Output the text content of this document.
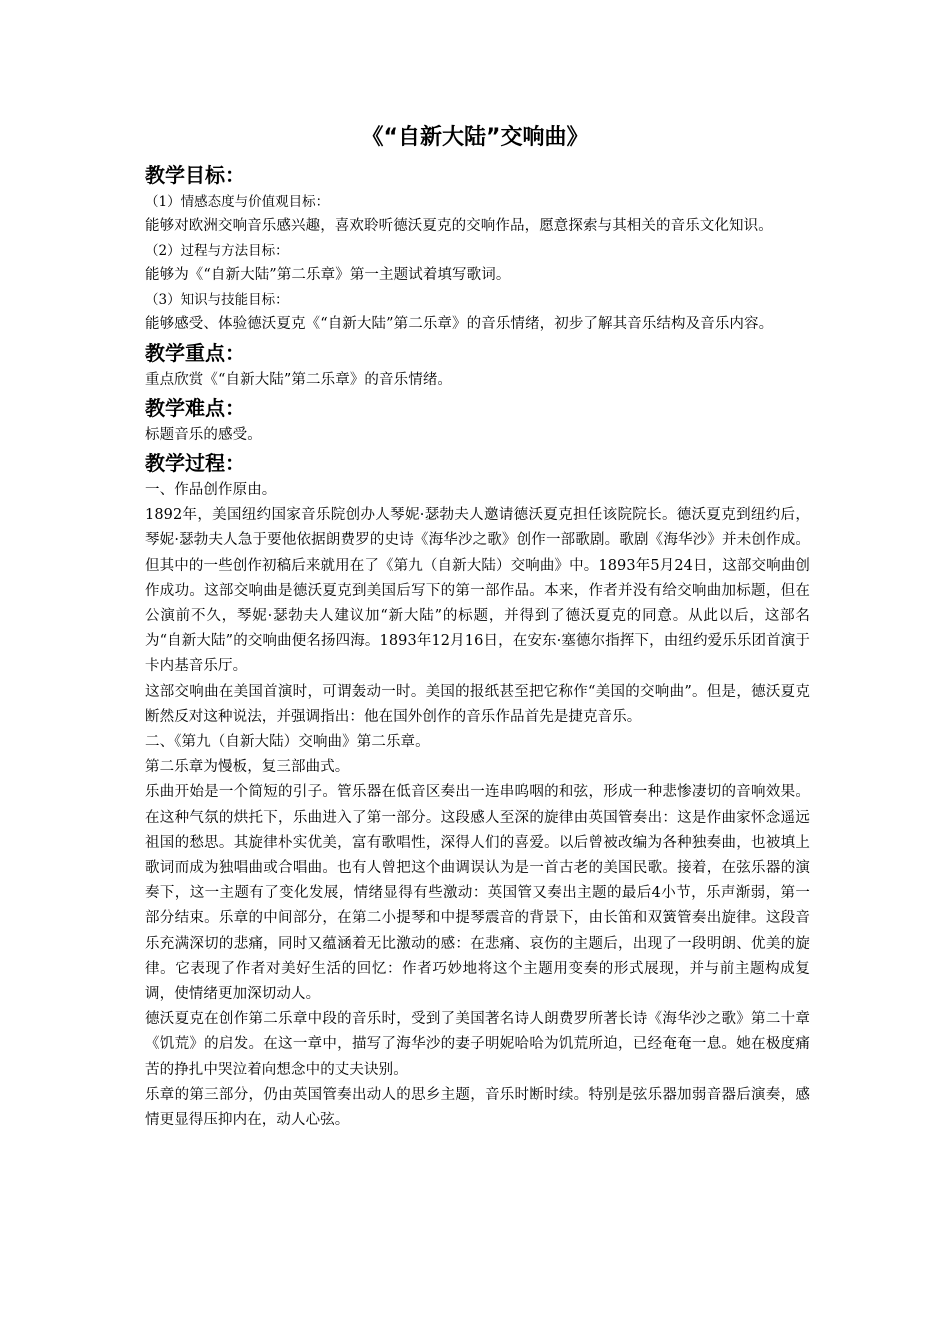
《“自新大陆”交响曲》
教学目标：

（1）情感态度与价值观目标：

能够对欧洲交响音乐感兴趣，喜欢聆听德沃夏克的交响作品，愿意探索与其相关的音乐文化知识。

（2）过程与方法目标：

能够为《“自新大陆”第二乐章》第一主题试着填写歌词。

（3）知识与技能目标：

能够感受、体验德沃夏克《“自新大陆”第二乐章》的音乐情绪，初步了解其音乐结构及音乐内容。

教学重点：

重点欣赏《“自新大陆”第二乐章》的音乐情绪。

教学难点：

标题音乐的感受。

教学过程：

一、作品创作原由。

1892年，美国纽约国家音乐院创办人琴妮·瑟勃夫人邀请德沃夏克担任该院院长。德沃夏克到纽约后，琴妮·瑟勃夫人急于要他依据朗费罗的史诗《海华沙之歌》创作一部歌剧。歌剧《海华沙》并未创作成。但其中的一些创作初稿后来就用在了《第九（自新大陆）交响曲》中。1893年5月24日，这部交响曲创作成功。这部交响曲是德沃夏克到美国后写下的第一部作品。本来，作者并没有给交响曲加标题，但在公演前不久，琴妮·瑟勃夫人建议加“新大陆”的标题，并得到了德沃夏克的同意。从此以后，这部名为“自新大陆”的交响曲便名扬四海。1893年12月16日，在安东·塞德尔指挥下，由纽约爱乐乐团首演于卡内基音乐厅。

这部交响曲在美国首演时，可谓轰动一时。美国的报纸甚至把它称作“美国的交响曲”。但是，德沃夏克断然反对这种说法，并强调指出：他在国外创作的音乐作品首先是捷克音乐。

二、《第九（自新大陆）交响曲》第二乐章。

第二乐章为慢板，复三部曲式。

乐曲开始是一个简短的引子。管乐器在低音区奏出一连串呜咽的和弦，形成一种悲惨凄切的音响效果。在这种气氛的烘托下，乐曲进入了第一部分。这段感人至深的旋律由英国管奏出：这是作曲家怀念遥远祖国的愁思。其旋律朴实优美，富有歌唱性，深得人们的喜爱。以后曾被改编为各种独奏曲，也被填上歌词而成为独唱曲或合唱曲。也有人曾把这个曲调误认为是一首古老的美国民歌。接着，在弦乐器的演奏下，这一主题有了变化发展，情绪显得有些激动：英国管又奏出主题的最后4小节，乐声渐弱，第一部分结束。乐章的中间部分，在第二小提琴和中提琴震音的背景下，由长笛和双簧管奏出旋律。这段音乐充满深切的悲痛，同时又蕴涵着无比激动的感：在悲痛、哀伤的主题后，出现了一段明朗、优美的旋律。它表现了作者对美好生活的回忆：作者巧妙地将这个主题用变奏的形式展现，并与前主题构成复调，使情绪更加深切动人。

德沃夏克在创作第二乐章中段的音乐时，受到了美国著名诗人朗费罗所著长诗《海华沙之歌》第二十章《饥荒》的启发。在这一章中，描写了海华沙的妻子明妮哈哈为饥荒所迫，已经奄奄一息。她在极度痛苦的挣扎中哭泣着向想念中的丈夫诀别。

乐章的第三部分，仍由英国管奏出动人的思乡主题，音乐时断时续。特别是弦乐器加弱音器后演奏，感情更显得压抑内在，动人心弦。
